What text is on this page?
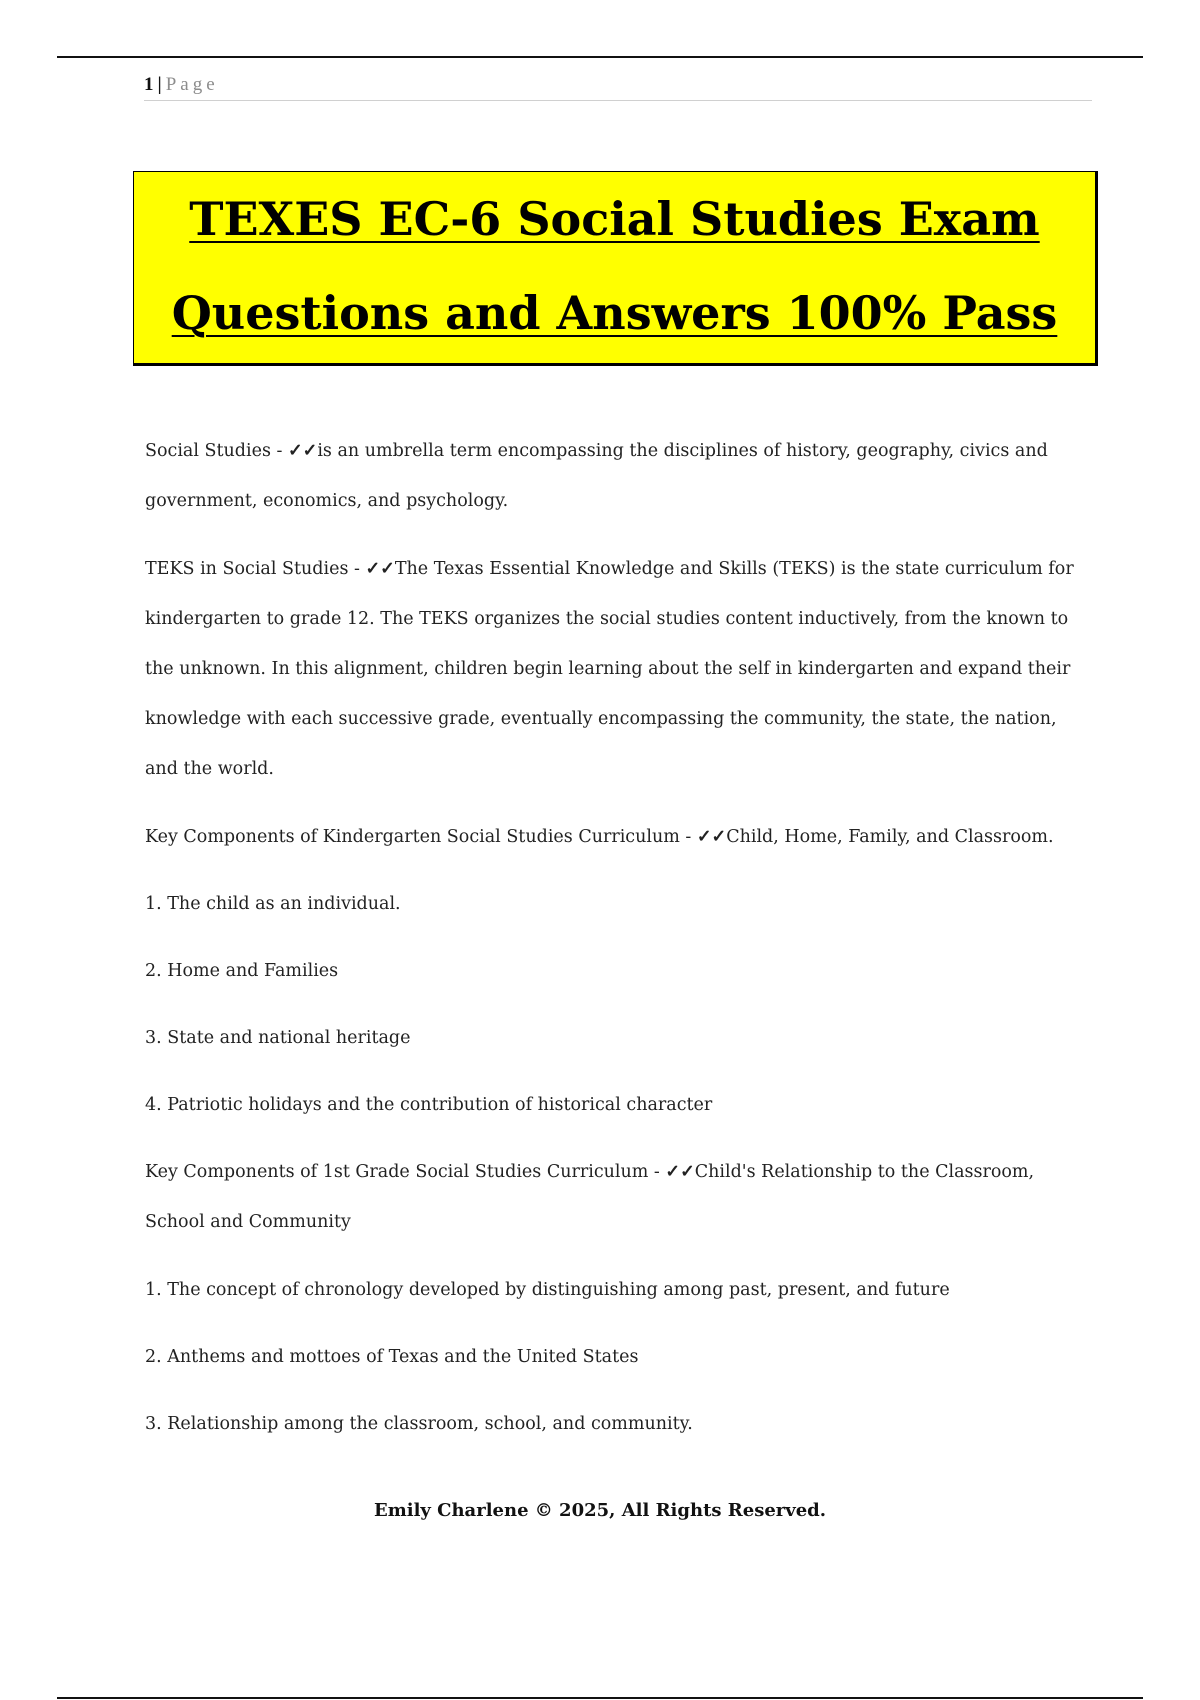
1 | Page
TEXES EC-6 Social Studies Exam
Questions and Answers 100% Pass

Social Studies - ✓✓is an umbrella term encompassing the disciplines of history, geography, civics and government, economics, and psychology.

TEKS in Social Studies - ✓✓The Texas Essential Knowledge and Skills (TEKS) is the state curriculum for kindergarten to grade 12. The TEKS organizes the social studies content inductively, from the known to the unknown. In this alignment, children begin learning about the self in kindergarten and expand their knowledge with each successive grade, eventually encompassing the community, the state, the nation, and the world.

Key Components of Kindergarten Social Studies Curriculum - ✓✓Child, Home, Family, and Classroom.

1. The child as an individual.

2. Home and Families

3. State and national heritage

4. Patriotic holidays and the contribution of historical character

Key Components of 1st Grade Social Studies Curriculum - ✓✓Child's Relationship to the Classroom, School and Community

1. The concept of chronology developed by distinguishing among past, present, and future

2. Anthems and mottoes of Texas and the United States

3. Relationship among the classroom, school, and community.

Emily Charlene © 2025, All Rights Reserved.
